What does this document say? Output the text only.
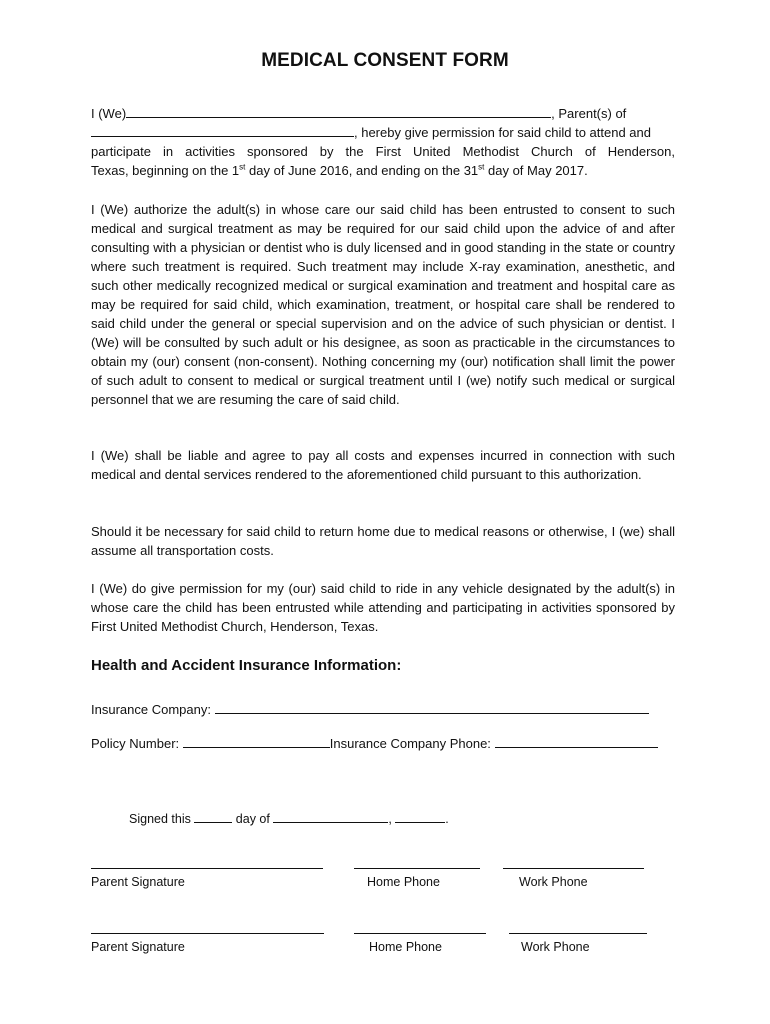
MEDICAL CONSENT FORM
I (We)	, Parent(s) of
, hereby give permission for said child to attend and
participate in activities sponsored by the First United Methodist Church of Henderson,
Texas, beginning on the 1st day of June 2016, and ending on the 31st day of May 2017.

I (We) authorize the adult(s) in whose care our said child has been entrusted to consent to such medical and surgical treatment as may be required for our said child upon the advice of and after consulting with a physician or dentist who is duly licensed and in good standing in the state or country where such treatment is required. Such treatment may include X-ray examination, anesthetic, and such other medically recognized medical or surgical examination and treatment and hospital care as may be required for said child, which examination, treatment, or hospital care shall be rendered to said child under the general or special supervision and on the advice of such physician or dentist. I (We) will be consulted by such adult or his designee, as soon as practicable in the circumstances to obtain my (our) consent (non-consent). Nothing concerning my (our) notification shall limit the power of such adult to consent to medical or surgical treatment until I (we) notify such medical or surgical personnel that we are resuming the care of said child.

I (We) shall be liable and agree to pay all costs and expenses incurred in connection with such medical and dental services rendered to the aforementioned child pursuant to this authorization.

Should it be necessary for said child to return home due to medical reasons or otherwise, I (we) shall assume all transportation costs.

I (We) do give permission for my (our) said child to ride in any vehicle designated by the adult(s) in whose care the child has been entrusted while attending and participating in activities sponsored by First United Methodist Church, Henderson, Texas.

Health and Accident Insurance Information:
Insurance Company:
Policy Number:	Insurance Company Phone:
Signed this	day of	,	.
Parent Signature	Home Phone	Work Phone
Parent Signature	Home Phone	Work Phone
